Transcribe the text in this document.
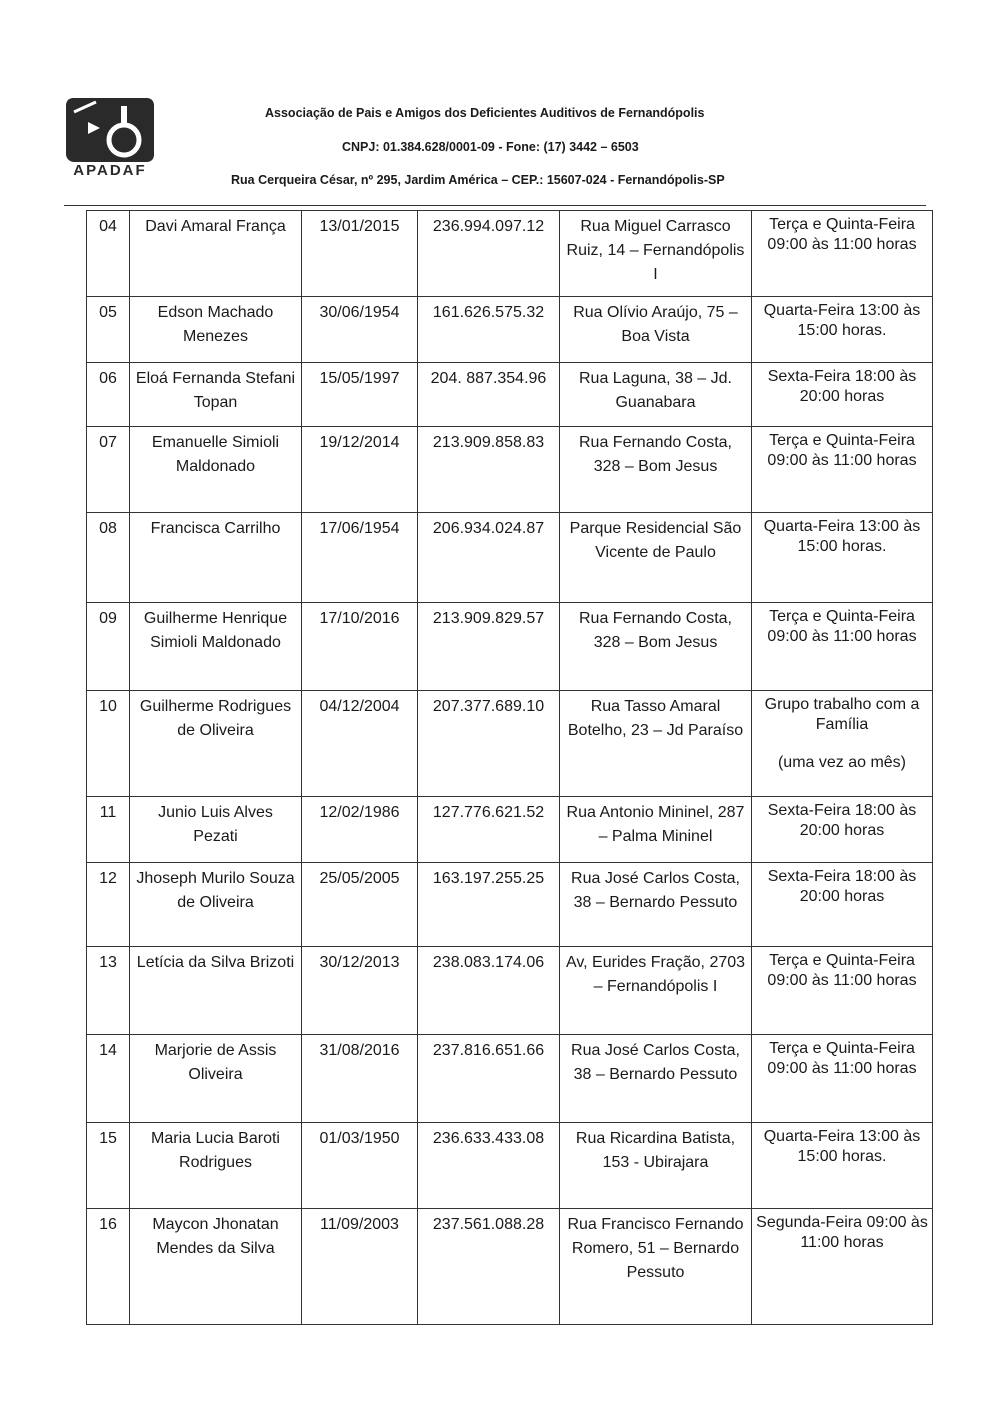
APADAF
Associação de Pais e Amigos dos Deficientes Auditivos de Fernandópolis
CNPJ: 01.384.628/0001-09 - Fone: (17) 3442 – 6503
Rua Cerqueira César, nº 295, Jardim América – CEP.: 15607-024 - Fernandópolis-SP
04	Davi Amaral França	13/01/2015	236.994.097.12	Rua Miguel Carrasco Ruiz, 14 – Fernandópolis I	Terça e Quinta-Feira 09:00 às 11:00 horas
05	Edson Machado Menezes	30/06/1954	161.626.575.32	Rua Olívio Araújo, 75 – Boa Vista	Quarta-Feira 13:00 às 15:00 horas.
06	Eloá Fernanda Stefani Topan	15/05/1997	204. 887.354.96	Rua Laguna, 38 – Jd. Guanabara	Sexta-Feira 18:00 às 20:00 horas
07	Emanuelle Simioli Maldonado	19/12/2014	213.909.858.83	Rua Fernando Costa, 328 – Bom Jesus	Terça e Quinta-Feira 09:00 às 11:00 horas
08	Francisca Carrilho	17/06/1954	206.934.024.87	Parque Residencial São Vicente de Paulo	Quarta-Feira 13:00 às 15:00 horas.
09	Guilherme Henrique Simioli Maldonado	17/10/2016	213.909.829.57	Rua Fernando Costa, 328 – Bom Jesus	Terça e Quinta-Feira 09:00 às 11:00 horas
10	Guilherme Rodrigues de Oliveira	04/12/2004	207.377.689.10	Rua Tasso Amaral Botelho, 23 – Jd Paraíso	Grupo trabalho com a Família
(uma vez ao mês)

11	Junio Luis Alves Pezati	12/02/1986	127.776.621.52	Rua Antonio Mininel, 287 – Palma Mininel	Sexta-Feira 18:00 às 20:00 horas
12	Jhoseph Murilo Souza de Oliveira	25/05/2005	163.197.255.25	Rua José Carlos Costa, 38 – Bernardo Pessuto	Sexta-Feira 18:00 às 20:00 horas
13	Letícia da Silva Brizoti	30/12/2013	238.083.174.06	Av, Eurides Fração, 2703 – Fernandópolis I	Terça e Quinta-Feira 09:00 às 11:00 horas
14	Marjorie de Assis Oliveira	31/08/2016	237.816.651.66	Rua José Carlos Costa, 38 – Bernardo Pessuto	Terça e Quinta-Feira 09:00 às 11:00 horas
15	Maria Lucia Baroti Rodrigues	01/03/1950	236.633.433.08	Rua Ricardina Batista, 153 - Ubirajara	Quarta-Feira 13:00 às 15:00 horas.
16	Maycon Jhonatan Mendes da Silva	11/09/2003	237.561.088.28	Rua Francisco Fernando Romero, 51 – Bernardo Pessuto	Segunda-Feira 09:00 às 11:00 horas
